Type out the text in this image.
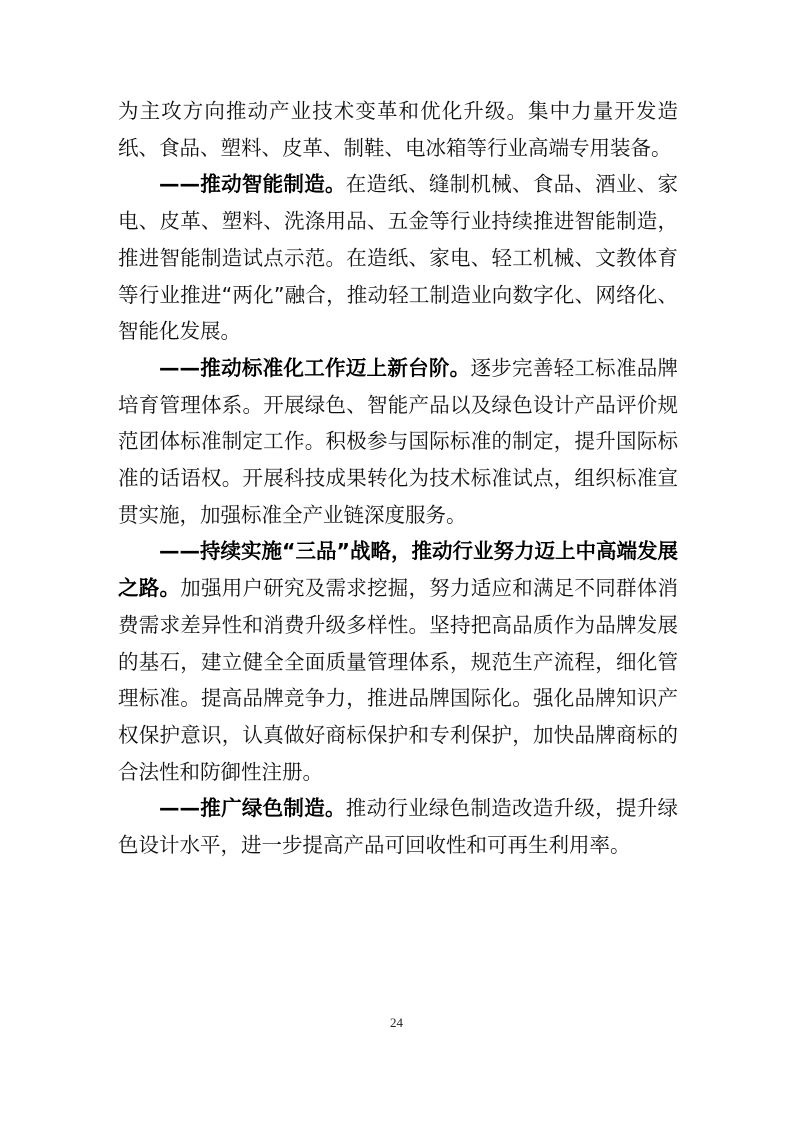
为主攻方向推动产业技术变革和优化升级。集中力量开发造纸、食品、塑料、皮革、制鞋、电冰箱等行业高端专用装备。

——推动智能制造。在造纸、缝制机械、食品、酒业、家电、皮革、塑料、洗涤用品、五金等行业持续推进智能制造，推进智能制造试点示范。在造纸、家电、轻工机械、文教体育等行业推进“两化”融合，推动轻工制造业向数字化、网络化、智能化发展。

——推动标准化工作迈上新台阶。逐步完善轻工标准品牌培育管理体系。开展绿色、智能产品以及绿色设计产品评价规范团体标准制定工作。积极参与国际标准的制定，提升国际标准的话语权。开展科技成果转化为技术标准试点，组织标准宣贯实施，加强标准全产业链深度服务。

——持续实施“三品”战略，推动行业努力迈上中高端发展之路。加强用户研究及需求挖掘，努力适应和满足不同群体消费需求差异性和消费升级多样性。坚持把高品质作为品牌发展的基石，建立健全全面质量管理体系，规范生产流程，细化管理标准。提高品牌竞争力，推进品牌国际化。强化品牌知识产权保护意识，认真做好商标保护和专利保护，加快品牌商标的合法性和防御性注册。

——推广绿色制造。推动行业绿色制造改造升级，提升绿色设计水平，进一步提高产品可回收性和可再生利用率。

24
